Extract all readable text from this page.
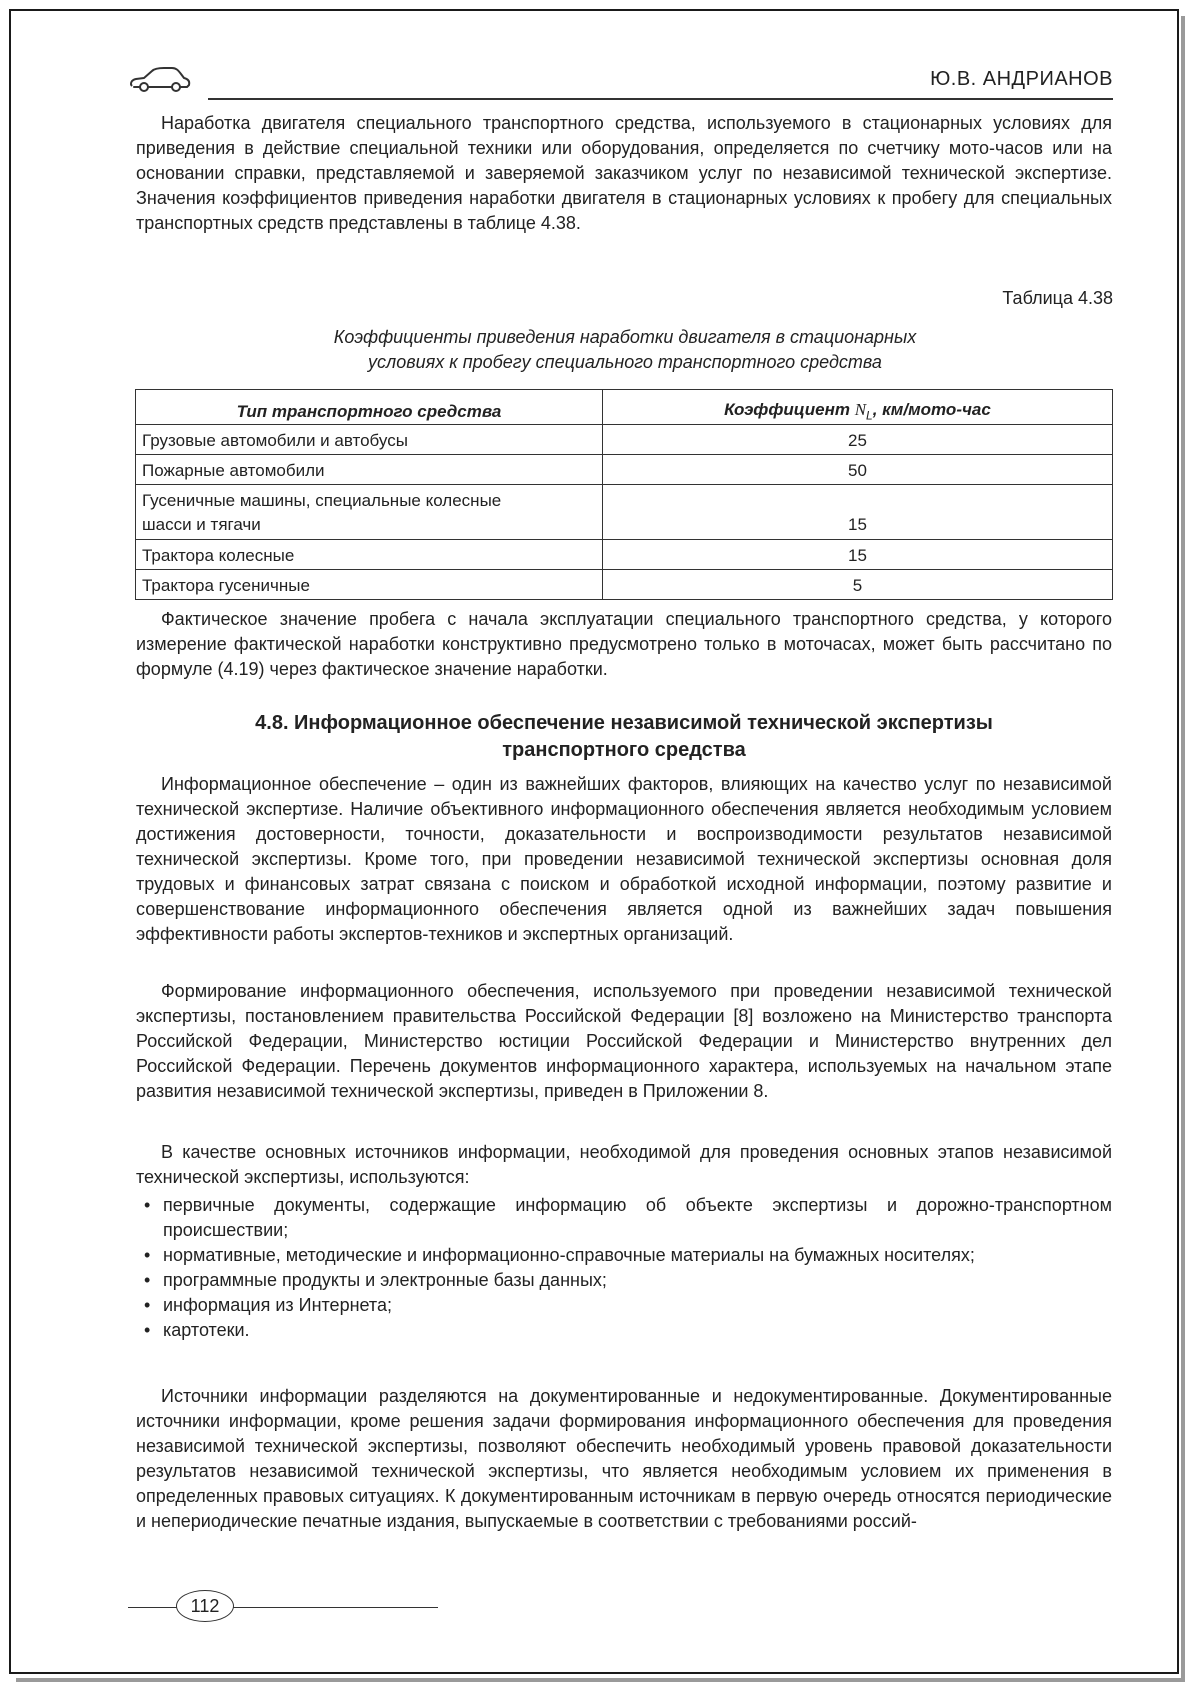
Ю.В. АНДРИАНОВ

Наработка двигателя специального транспортного средства, используемого в стационарных условиях для приведения в действие специальной техники или оборудования, определяется по счетчику мото-часов или на основании справки, представляемой и заверяемой заказчиком услуг по независимой технической экспертизе. Значения коэффициентов приведения наработки двигателя в стационарных условиях к пробегу для специальных транспортных средств представлены в таблице 4.38.

Таблица 4.38
Коэффициенты приведения наработки двигателя в стационарных
условиях к пробегу специального транспортного средства
Тип транспортного средства	Коэффициент $N_L$, км/мото-час
Грузовые автомобили и автобусы	25
Пожарные автомобили	50

Гусеничные машины, специальные колесные
шасси и тягачи	15
Трактора колесные	15
Трактора гусеничные	5

Фактическое значение пробега с начала эксплуатации специального транспортного средства, у которого измерение фактической наработки конструктивно предусмотрено только в моточасах, может быть рассчитано по формуле (4.19) через фактическое значение наработки.

4.8. Информационное обеспечение независимой технической экспертизы
транспортного средства

Информационное обеспечение – один из важнейших факторов, влияющих на качество услуг по независимой технической экспертизе. Наличие объективного информационного обеспечения является необходимым условием достижения достоверности, точности, доказательности и воспроизводимости результатов независимой технической экспертизы. Кроме того, при проведении независимой технической экспертизы основная доля трудовых и финансовых затрат связана с поиском и обработкой исходной информации, поэтому развитие и совершенствование информационного обеспечения является одной из важнейших задач повышения эффективности работы экспертов-техников и экспертных организаций.

Формирование информационного обеспечения, используемого при проведении независимой технической экспертизы, постановлением правительства Российской Федерации [8] возложено на Министерство транспорта Российской Федерации, Министерство юстиции Российской Федерации и Министерство внутренних дел Российской Федерации. Перечень документов информационного характера, используемых на начальном этапе развития независимой технической экспертизы, приведен в Приложении 8.

В качестве основных источников информации, необходимой для проведения основных этапов независимой технической экспертизы, используются:

• первичные документы, содержащие информацию об объекте экспертизы и дорожно-транспортном происшествии;
• нормативные, методические и информационно-справочные материалы на бумажных носителях;
• программные продукты и электронные базы данных;
• информация из Интернета;
• картотеки.

Источники информации разделяются на документированные и недокументированные. Документированные источники информации, кроме решения задачи формирования информационного обеспечения для проведения независимой технической экспертизы, позволяют обеспечить необходимый уровень правовой доказательности результатов независимой технической экспертизы, что является необходимым условием их применения в определенных правовых ситуациях. К документированным источникам в первую очередь относятся периодические и непериодические печатные издания, выпускаемые в соответствии с требованиями россий-

112
